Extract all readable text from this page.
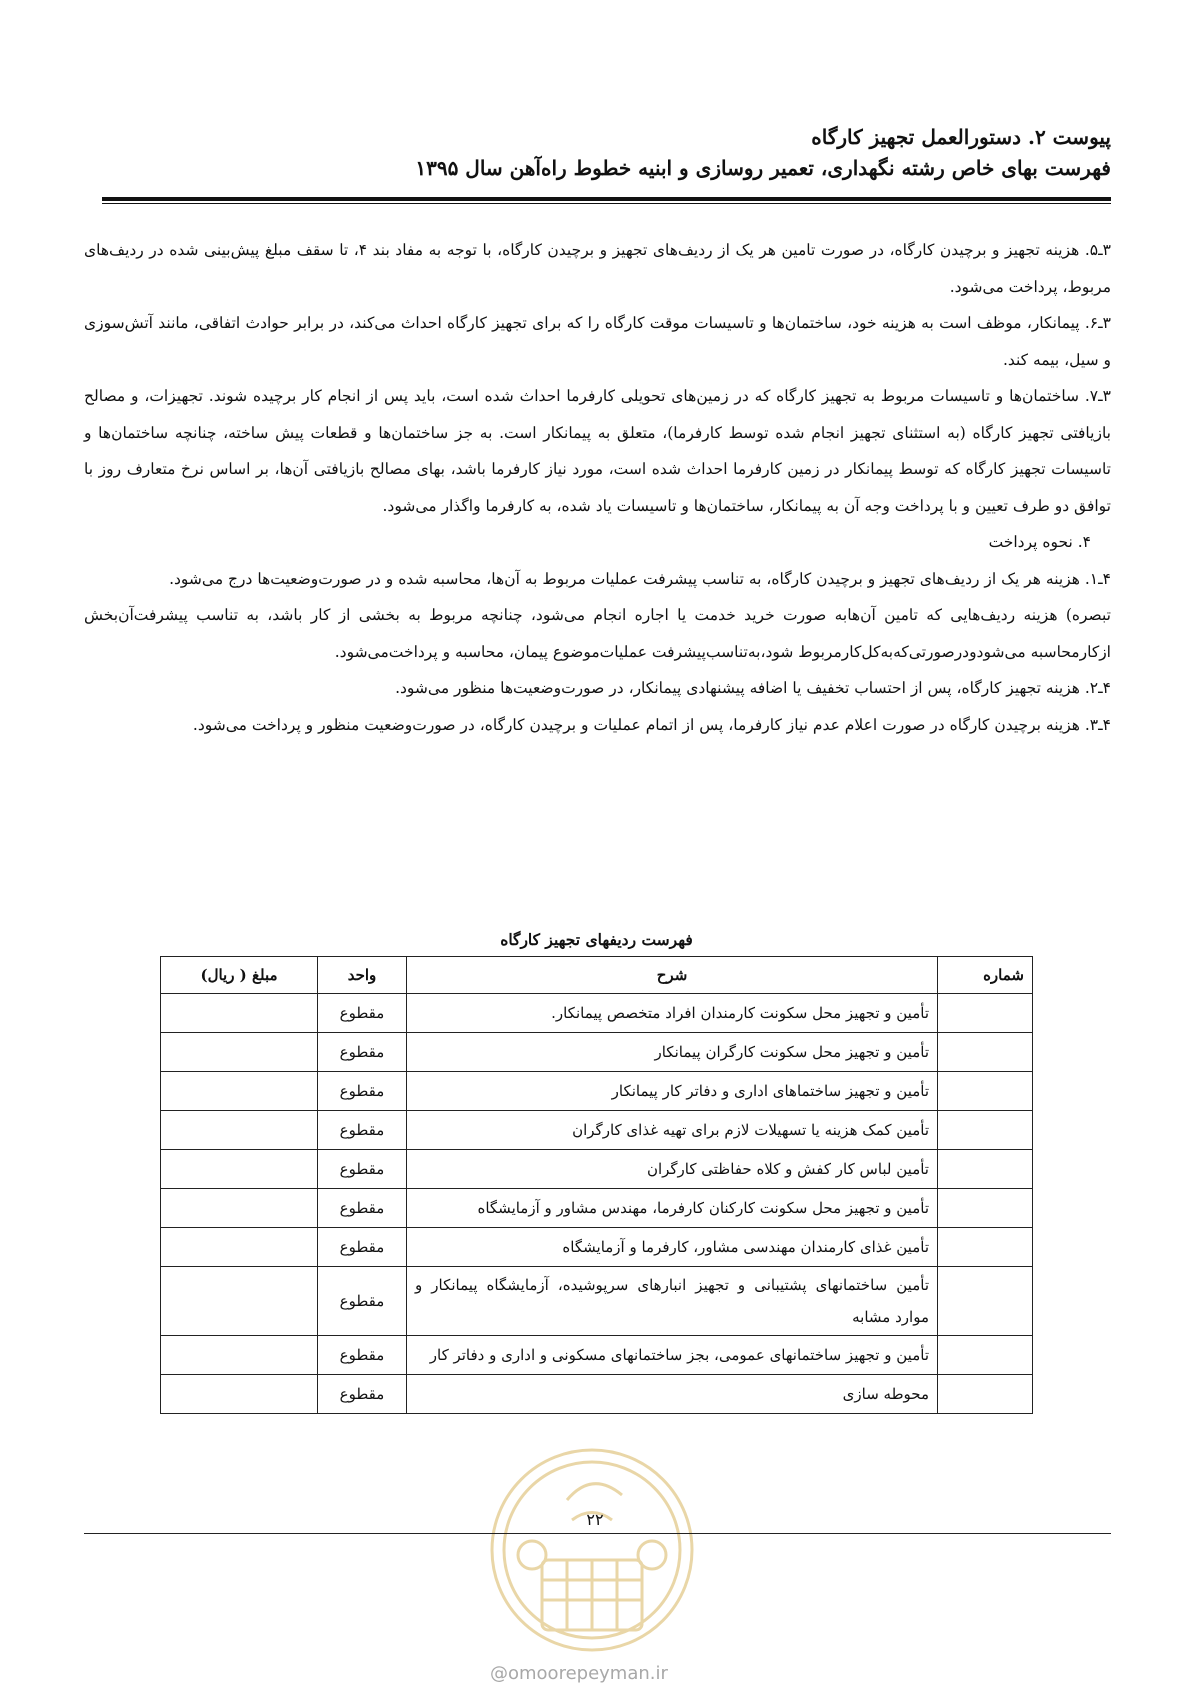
پیوست ۲. دستورالعمل تجهیز کارگاه
فهرست بهای خاص رشته نگهداری، تعمیر روسازی و ابنیه خطوط راه‌آهن سال ۱۳۹۵

۳ـ۵. هزینه تجهیز و برچیدن کارگاه، در صورت تامین هر یک از ردیف‌های تجهیز و برچیدن کارگاه، با توجه به مفاد بند ۴، تا سقف مبلغ پیش‌بینی شده در ردیف‌های مربوط، پرداخت می‌شود.

۳ـ۶. پیمانکار، موظف است به هزینه خود، ساختمان‌ها و تاسیسات موقت کارگاه را که برای تجهیز کارگاه احداث می‌کند، در برابر حوادث اتفاقی، مانند آتش‌سوزی و سیل، بیمه کند.

۳ـ۷. ساختمان‌ها و تاسیسات مربوط به تجهیز کارگاه که در زمین‌های تحویلی کارفرما احداث شده است، باید پس از انجام کار برچیده شوند. تجهیزات، و مصالح بازیافتی تجهیز کارگاه (به استثنای تجهیز انجام شده توسط کارفرما)، متعلق به پیمانکار است. به جز ساختمان‌ها و قطعات پیش ساخته، چنانچه ساختمان‌ها و تاسیسات تجهیز کارگاه که توسط پیمانکار در زمین کارفرما احداث شده است، مورد نیاز کارفرما باشد، بهای مصالح بازیافتی آن‌ها، بر اساس نرخ متعارف روز با توافق دو طرف تعیین و با پرداخت وجه آن به پیمانکار، ساختمان‌ها و تاسیسات یاد شده، به کارفرما واگذار می‌شود.

۴. نحوه پرداخت

۴ـ۱. هزینه هر یک از ردیف‌های تجهیز و برچیدن کارگاه، به تناسب پیشرفت عملیات مربوط به آن‌ها، محاسبه شده و در صورت‌وضعیت‌ها درج می‌شود.

تبصره) هزینه ردیف‌هایی که تامین آن‌هابه صورت خرید خدمت یا اجاره انجام می‌شود، چنانچه مربوط به بخشی از کار باشد، به تناسب پیشرفت‌آن‌بخش ازکارمحاسبه می‌شودودرصورتی‌که‌به‌کل‌کارمربوط شود،به‌تناسب‌پیشرفت عملیات‌موضوع پیمان، محاسبه و پرداخت‌می‌شود.

۴ـ۲. هزینه تجهیز کارگاه، پس از احتساب تخفیف یا اضافه پیشنهادی پیمانکار، در صورت‌وضعیت‌ها منظور می‌شود.

۴ـ۳. هزینه برچیدن کارگاه در صورت اعلام عدم نیاز کارفرما، پس از اتمام عملیات و برچیدن کارگاه، در صورت‌وضعیت منظور و پرداخت می‌شود.

فهرست ردیفهای تجهیز کارگاه
شماره	شرح	واحد	مبلغ ( ریال)
	تأمین و تجهیز محل سکونت کارمندان افراد متخصص پیمانکار.	مقطوع	
	تأمین و تجهیز محل سکونت کارگران پیمانکار	مقطوع	
	تأمین و تجهیز ساختماهای اداری و دفاتر کار پیمانکار	مقطوع	
	تأمین کمک هزینه یا تسهیلات لازم برای تهیه غذای کارگران	مقطوع	
	تأمین لباس کار کفش و کلاه حفاظتی کارگران	مقطوع	
	تأمین و تجهیز محل سکونت کارکنان کارفرما، مهندس مشاور و آزمایشگاه	مقطوع	
	تأمین غذای کارمندان مهندسی مشاور، کارفرما و آزمایشگاه	مقطوع	
	تأمین ساختمانهای پشتیبانی و تجهیز انبارهای سرپوشیده، آزمایشگاه پیمانکار و موارد مشابه	مقطوع	
	تأمین و تجهیز ساختمانهای عمومی، بجز ساختمانهای مسکونی و اداری و دفاتر کار	مقطوع	
	محوطه سازی	مقطوع	
۲۲
@omoorepeyman.ir
